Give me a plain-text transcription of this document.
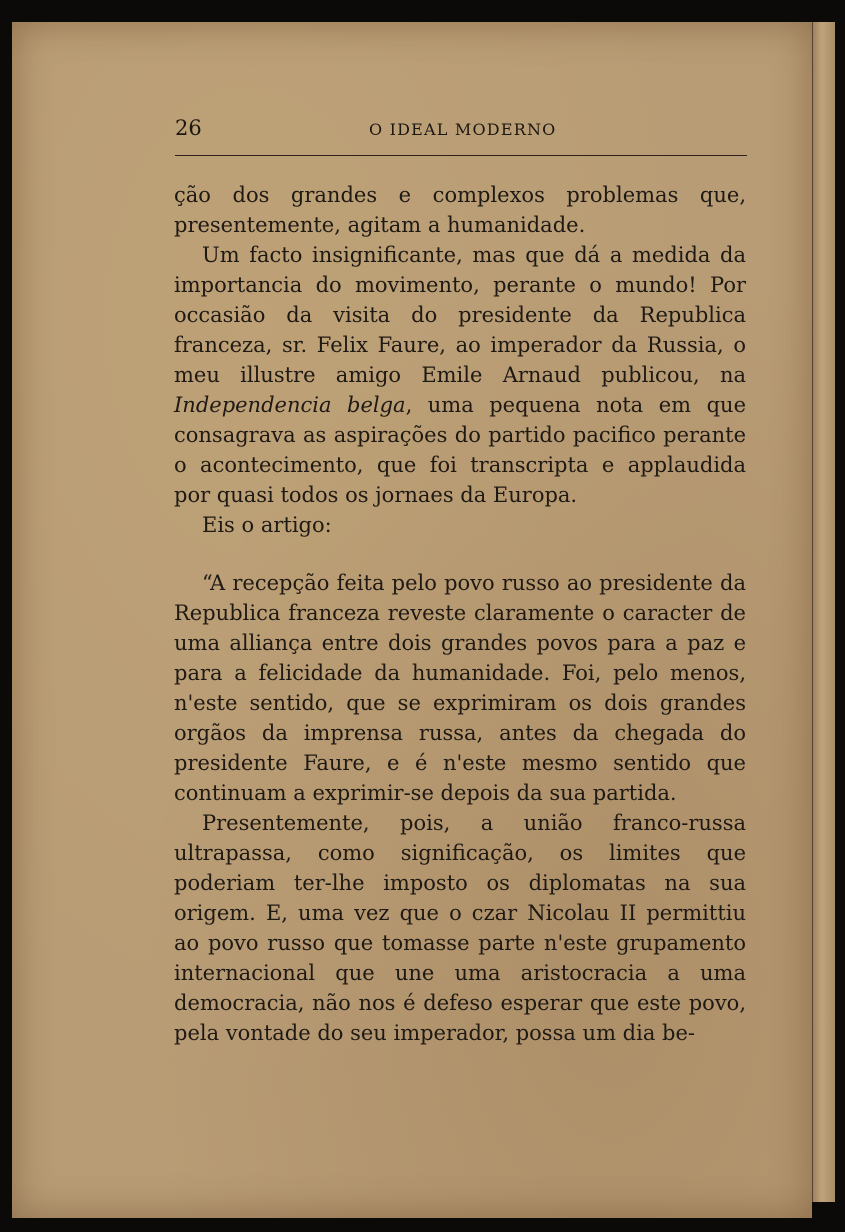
26	O IDEAL MODERNO

ção dos grandes e complexos problemas que, presentemente, agitam a humanidade.

Um facto insignificante, mas que dá a medida da importancia do movimento, perante o mundo! Por occasião da visita do presidente da Republica franceza, sr. Felix Faure, ao imperador da Russia, o meu illustre amigo Emile Arnaud publicou, na Independencia belga, uma pequena nota em que consagrava as aspirações do partido pacifico perante o acontecimento, que foi transcripta e applaudida por quasi todos os jornaes da Europa.

Eis o artigo:

“A recepção feita pelo povo russo ao presidente da Republica franceza reveste claramente o caracter de uma alliança entre dois grandes povos para a paz e para a felicidade da humanidade. Foi, pelo menos, n'este sentido, que se exprimiram os dois grandes orgãos da imprensa russa, antes da chegada do presidente Faure, e é n'este mesmo sentido que continuam a exprimir-se depois da sua partida.

Presentemente, pois, a união franco-russa ultrapassa, como significação, os limites que poderiam ter-lhe imposto os diplomatas na sua origem. E, uma vez que o czar Nicolau II permittiu ao povo russo que tomasse parte n'este grupamento internacional que une uma aristocracia a uma democracia, não nos é defeso esperar que este povo, pela vontade do seu imperador, possa um dia be-
